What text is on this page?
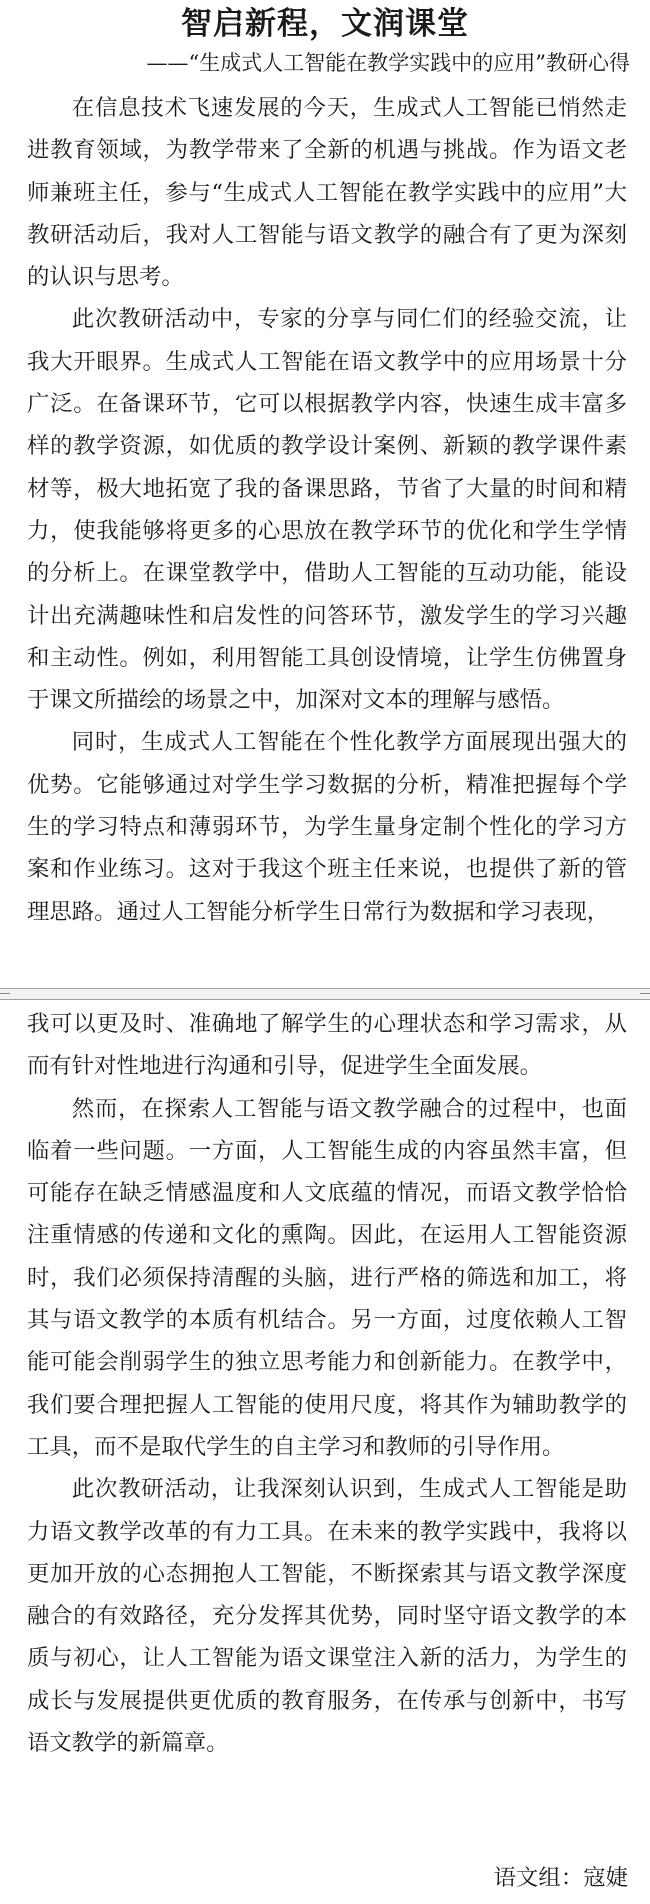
智启新程，文润课堂
——“生成式人工智能在教学实践中的应用”教研心得

在信息技术飞速发展的今天，生成式人工智能已悄然走进教育领域，为教学带来了全新的机遇与挑战。作为语文老师兼班主任，参与“生成式人工智能在教学实践中的应用”大教研活动后，我对人工智能与语文教学的融合有了更为深刻的认识与思考。

此次教研活动中，专家的分享与同仁们的经验交流，让我大开眼界。生成式人工智能在语文教学中的应用场景十分广泛。在备课环节，它可以根据教学内容，快速生成丰富多样的教学资源，如优质的教学设计案例、新颖的教学课件素材等，极大地拓宽了我的备课思路，节省了大量的时间和精力，使我能够将更多的心思放在教学环节的优化和学生学情的分析上。在课堂教学中，借助人工智能的互动功能，能设计出充满趣味性和启发性的问答环节，激发学生的学习兴趣和主动性。例如，利用智能工具创设情境，让学生仿佛置身于课文所描绘的场景之中，加深对文本的理解与感悟。

同时，生成式人工智能在个性化教学方面展现出强大的优势。它能够通过对学生学习数据的分析，精准把握每个学生的学习特点和薄弱环节，为学生量身定制个性化的学习方案和作业练习。这对于我这个班主任来说，也提供了新的管理思路。通过人工智能分析学生日常行为数据和学习表现，

我可以更及时、准确地了解学生的心理状态和学习需求，从而有针对性地进行沟通和引导，促进学生全面发展。

然而，在探索人工智能与语文教学融合的过程中，也面临着一些问题。一方面，人工智能生成的内容虽然丰富，但可能存在缺乏情感温度和人文底蕴的情况，而语文教学恰恰注重情感的传递和文化的熏陶。因此，在运用人工智能资源时，我们必须保持清醒的头脑，进行严格的筛选和加工，将其与语文教学的本质有机结合。另一方面，过度依赖人工智能可能会削弱学生的独立思考能力和创新能力。在教学中，我们要合理把握人工智能的使用尺度，将其作为辅助教学的工具，而不是取代学生的自主学习和教师的引导作用。

此次教研活动，让我深刻认识到，生成式人工智能是助力语文教学改革的有力工具。在未来的教学实践中，我将以更加开放的心态拥抱人工智能，不断探索其与语文教学深度融合的有效路径，充分发挥其优势，同时坚守语文教学的本质与初心，让人工智能为语文课堂注入新的活力，为学生的成长与发展提供更优质的教育服务，在传承与创新中，书写语文教学的新篇章。

语文组：寇婕
